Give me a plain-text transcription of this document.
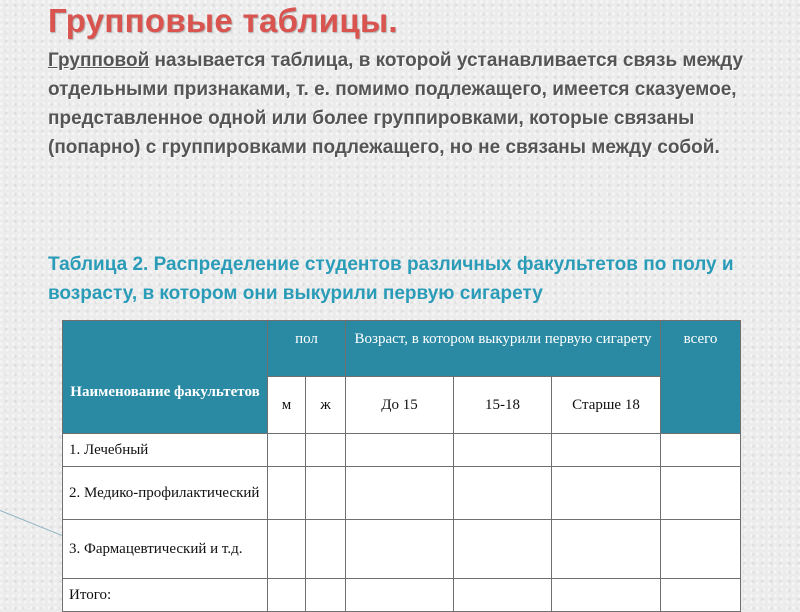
Групповые таблицы.
Групповой называется таблица, в которой устанавливается связь между отдельными признаками, т. е. помимо подлежащего, имеется сказуемое, представленное одной или более группировками, которые связаны (попарно) с группировками подлежащего, но не связаны между собой.
Таблица 2. Распределение студентов различных факультетов по полу и возрасту, в котором они выкурили первую сигарету
Наименование факультетов	пол		Возраст, в котором выкурили первую сигарету			всего
	м	ж	До 15	15-18	Старше 18	
1. Лечебный						
2. Медико-профилактический						
3. Фармацевтический и т.д.						
Итого:						
